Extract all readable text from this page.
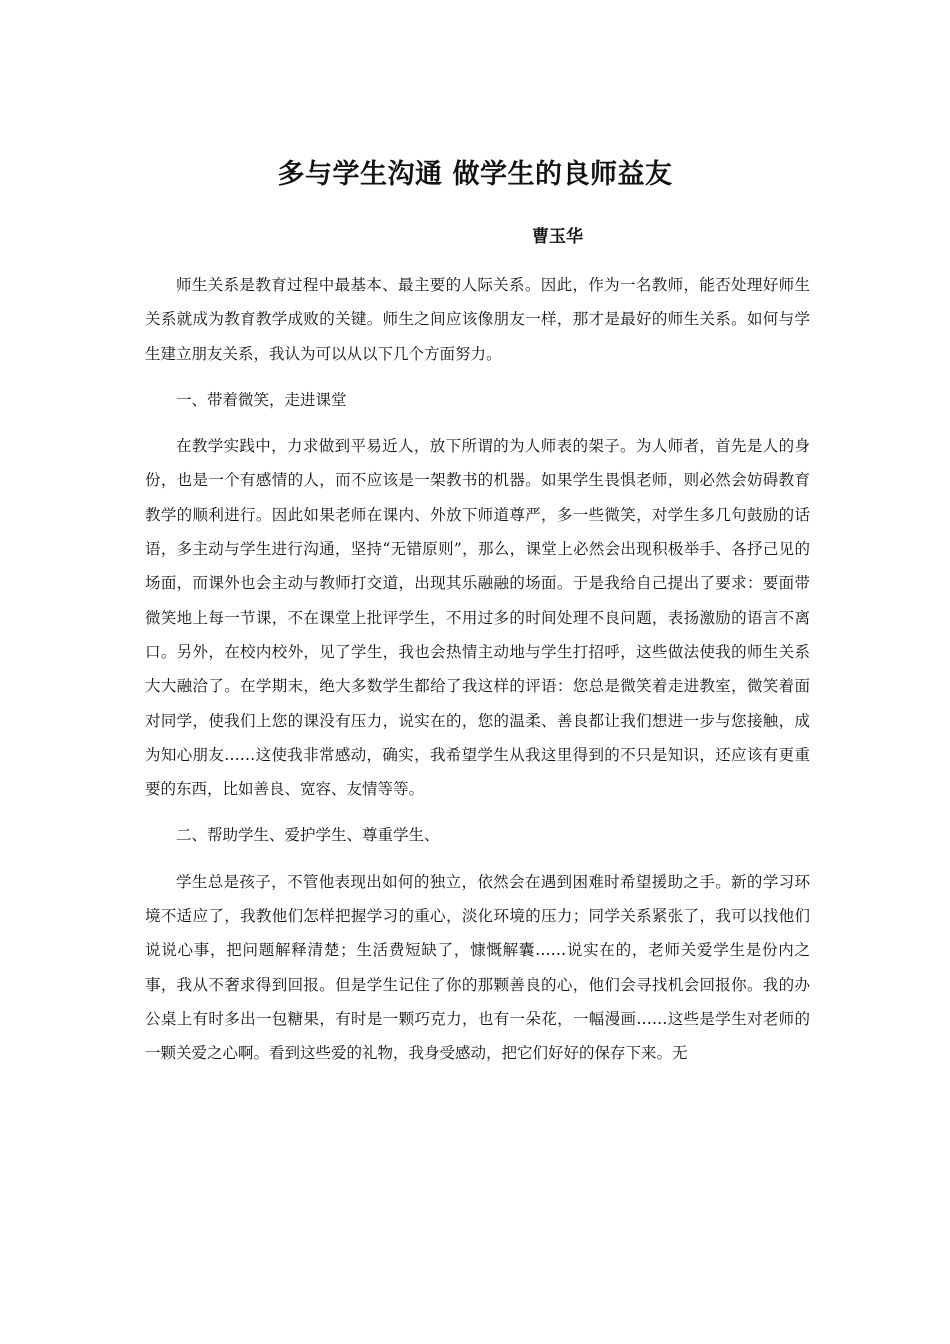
多与学生沟通 做学生的良师益友
曹玉华

师生关系是教育过程中最基本、最主要的人际关系。因此，作为一名教师，能否处理好师生关系就成为教育教学成败的关键。师生之间应该像朋友一样，那才是最好的师生关系。如何与学生建立朋友关系，我认为可以从以下几个方面努力。

一、带着微笑，走进课堂

在教学实践中，力求做到平易近人，放下所谓的为人师表的架子。为人师者，首先是人的身份，也是一个有感情的人，而不应该是一架教书的机器。如果学生畏惧老师，则必然会妨碍教育教学的顺利进行。因此如果老师在课内、外放下师道尊严，多一些微笑，对学生多几句鼓励的话语，多主动与学生进行沟通，坚持“无错原则”，那么，课堂上必然会出现积极举手、各抒己见的场面，而课外也会主动与教师打交道，出现其乐融融的场面。于是我给自己提出了要求：要面带微笑地上每一节课，不在课堂上批评学生，不用过多的时间处理不良问题，表扬激励的语言不离口。另外，在校内校外，见了学生，我也会热情主动地与学生打招呼，这些做法使我的师生关系大大融洽了。在学期末，绝大多数学生都给了我这样的评语：您总是微笑着走进教室，微笑着面对同学，使我们上您的课没有压力，说实在的，您的温柔、善良都让我们想进一步与您接触，成为知心朋友……这使我非常感动，确实，我希望学生从我这里得到的不只是知识，还应该有更重要的东西，比如善良、宽容、友情等等。

二、帮助学生、爱护学生、尊重学生、

学生总是孩子，不管他表现出如何的独立，依然会在遇到困难时希望援助之手。新的学习环境不适应了，我教他们怎样把握学习的重心，淡化环境的压力；同学关系紧张了，我可以找他们说说心事，把问题解释清楚；生活费短缺了，慷慨解囊……说实在的，老师关爱学生是份内之事，我从不奢求得到回报。但是学生记住了你的那颗善良的心，他们会寻找机会回报你。我的办公桌上有时多出一包糖果，有时是一颗巧克力，也有一朵花，一幅漫画……这些是学生对老师的一颗关爱之心啊。看到这些爱的礼物，我身受感动，把它们好好的保存下来。无
